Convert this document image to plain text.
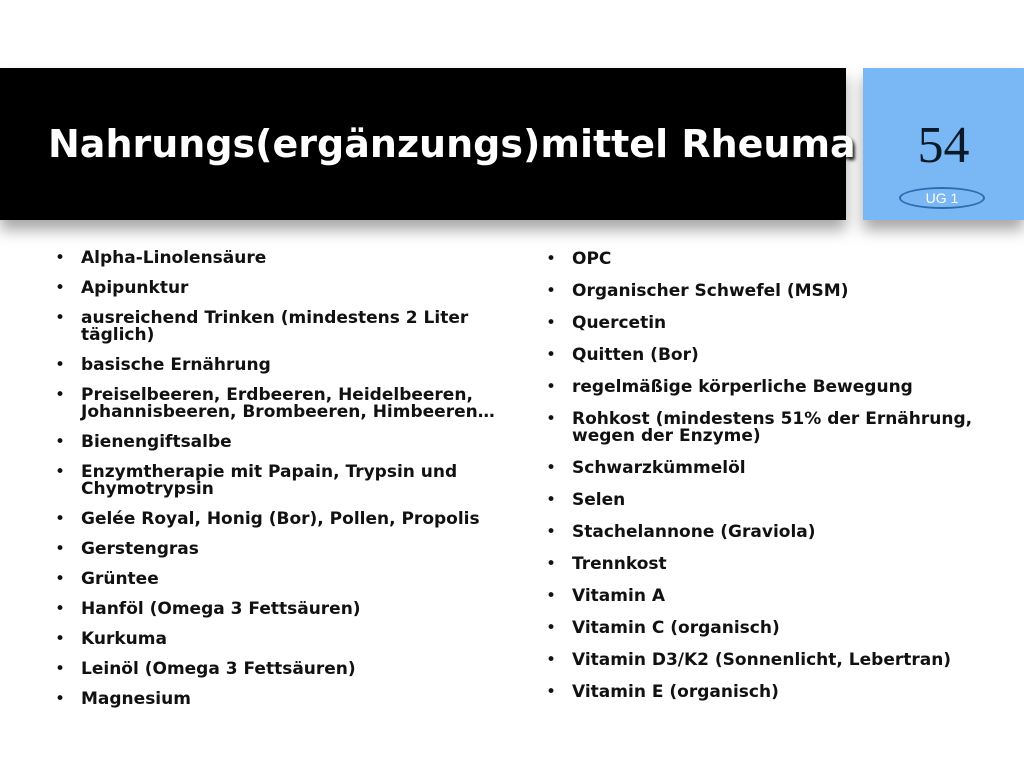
Nahrungs(ergänzungs)mittel Rheuma	54
UG 1
• Alpha-Linolensäure
• Apipunktur
• ausreichend Trinken (mindestens 2 Liter täglich)
• basische Ernährung
• Preiselbeeren, Erdbeeren, Heidelbeeren, Johannisbeeren, Brombeeren, Himbeeren…
• Bienengiftsalbe
• Enzymtherapie mit Papain, Trypsin und Chymotrypsin
• Gelée Royal, Honig (Bor), Pollen, Propolis
• Gerstengras
• Grüntee
• Hanföl (Omega 3 Fettsäuren)
• Kurkuma
• Leinöl (Omega 3 Fettsäuren)
• Magnesium
• OPC
• Organischer Schwefel (MSM)
• Quercetin
• Quitten (Bor)
• regelmäßige körperliche Bewegung
• Rohkost (mindestens 51% der Ernährung, wegen der Enzyme)
• Schwarzkümmelöl
• Selen
• Stachelannone (Graviola)
• Trennkost
• Vitamin A
• Vitamin C (organisch)
• Vitamin D3/K2 (Sonnenlicht, Lebertran)
• Vitamin E (organisch)
